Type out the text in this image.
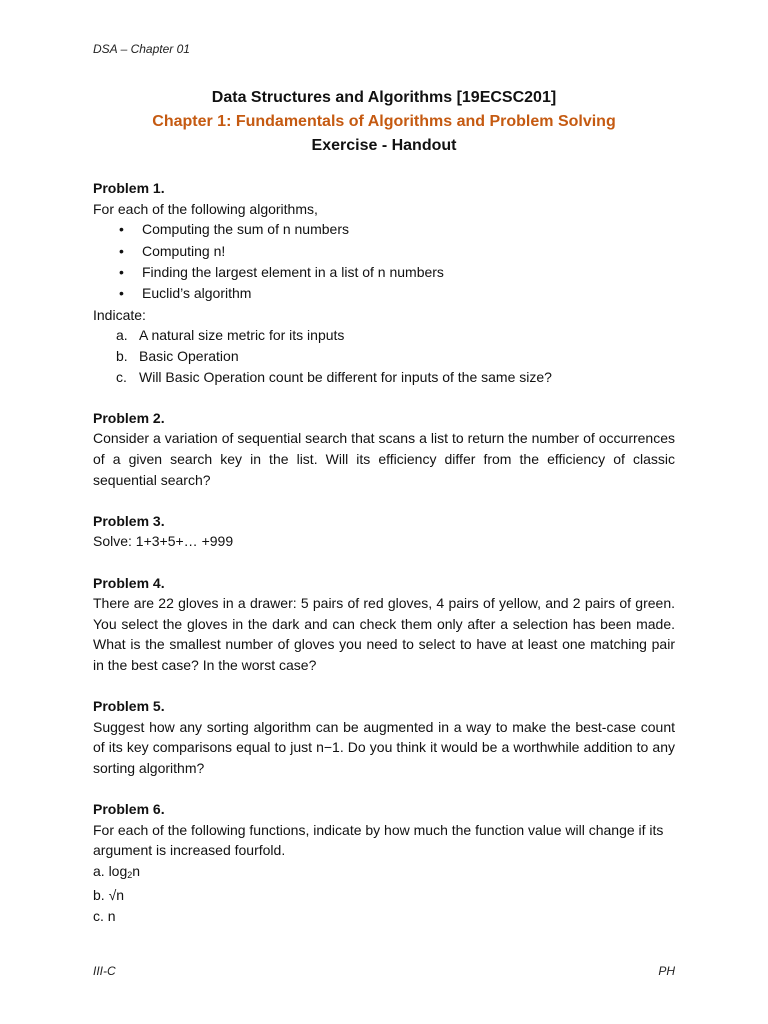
DSA – Chapter 01
Data Structures and Algorithms [19ECSC201]
Chapter 1: Fundamentals of Algorithms and Problem Solving
Exercise - Handout

Problem 1.

For each of the following algorithms,

• Computing the sum of n numbers
• Computing n!
• Finding the largest element in a list of n numbers
• Euclid’s algorithm

Indicate:

a. A natural size metric for its inputs
b. Basic Operation
c. Will Basic Operation count be different for inputs of the same size?

Problem 2.

Consider a variation of sequential search that scans a list to return the number of occurrences of a given search key in the list. Will its efficiency differ from the efficiency of classic sequential search?

Problem 3.

Solve: 1+3+5+… +999

Problem 4.

There are 22 gloves in a drawer: 5 pairs of red gloves, 4 pairs of yellow, and 2 pairs of green. You select the gloves in the dark and can check them only after a selection has been made. What is the smallest number of gloves you need to select to have at least one matching pair in the best case? In the worst case?

Problem 5.

Suggest how any sorting algorithm can be augmented in a way to make the best-case count of its key comparisons equal to just n−1. Do you think it would be a worthwhile addition to any sorting algorithm?

Problem 6.

For each of the following functions, indicate by how much the function value will change if its argument is increased fourfold.

a. $\log_2n$

b. √n

c. n

III-C	PH
